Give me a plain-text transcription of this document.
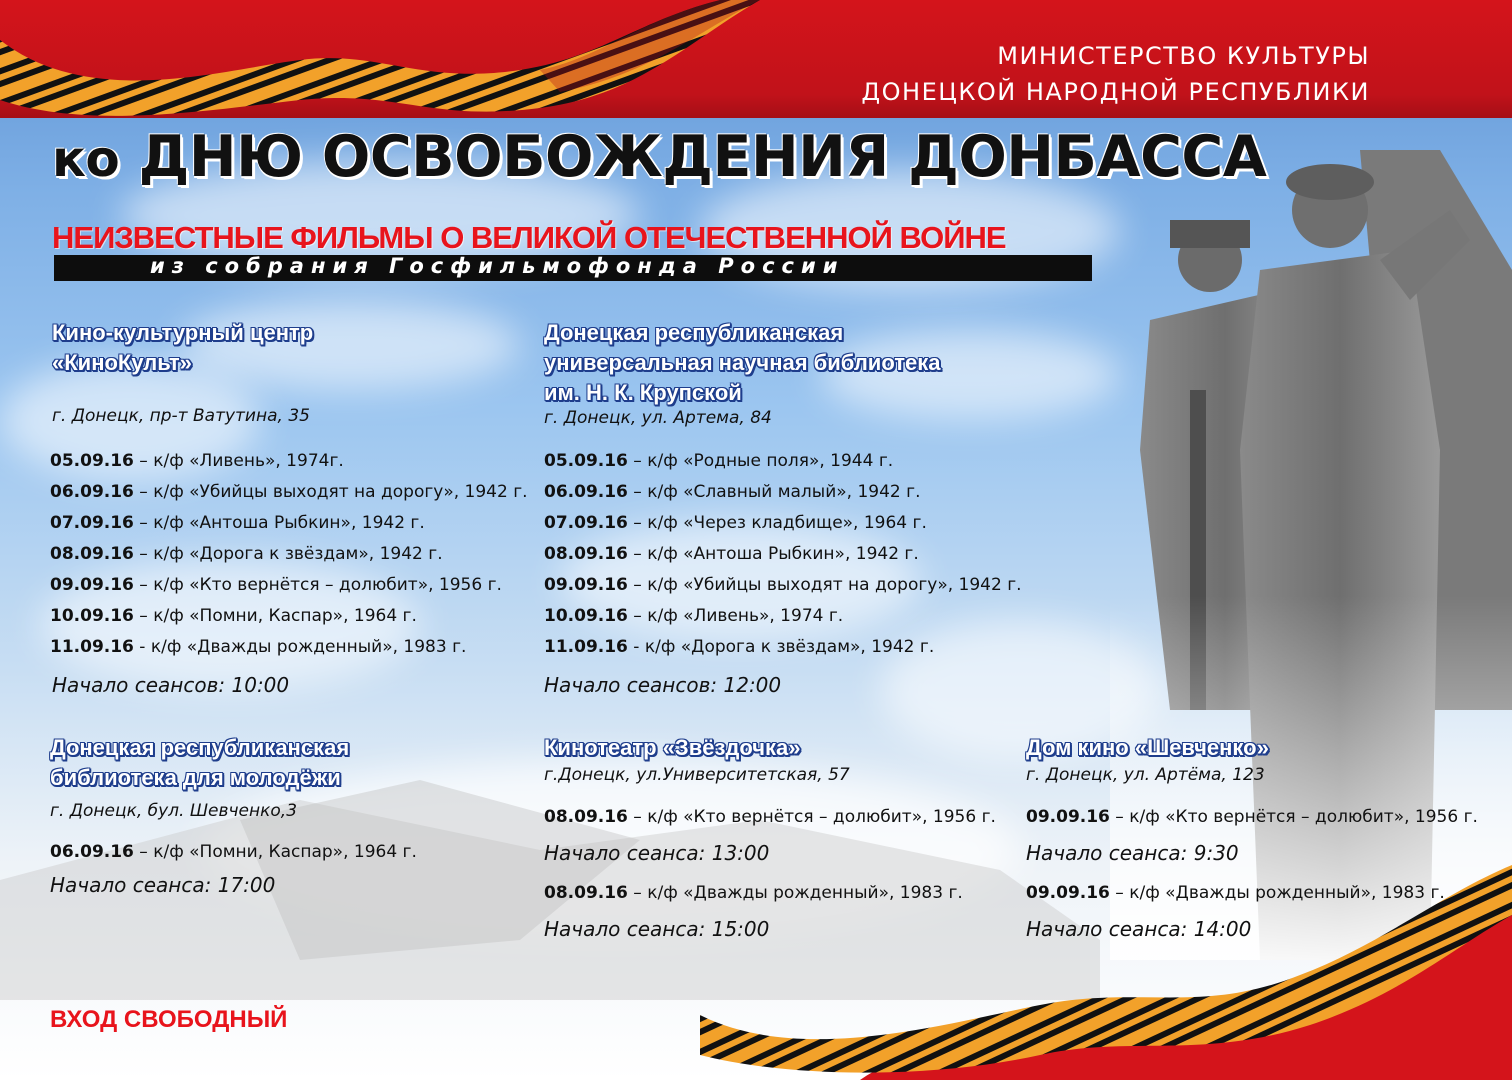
МИНИСТЕРСТВО КУЛЬТУРЫ
ДОНЕЦКОЙ НАРОДНОЙ РЕСПУБЛИКИ
ко ДНЮ ОСВОБОЖДЕНИЯ ДОНБАССА
НЕИЗВЕСТНЫЕ ФИЛЬМЫ О ВЕЛИКОЙ ОТЕЧЕСТВЕННОЙ ВОЙНЕ
из собрания Госфильмофонда России
Кино-культурный центр
«КиноКульт»
г. Донецк, пр-т Ватутина, 35
05.09.16 – к/ф «Ливень», 1974г.
06.09.16 – к/ф «Убийцы выходят на дорогу», 1942 г.
07.09.16 – к/ф «Антоша Рыбкин», 1942 г.
08.09.16 – к/ф «Дорога к звёздам», 1942 г.
09.09.16 – к/ф «Кто вернётся – долюбит», 1956 г.
10.09.16 – к/ф «Помни, Каспар», 1964 г.
11.09.16 - к/ф «Дважды рожденный», 1983 г.
Начало сеансов: 10:00
Донецкая республиканская
универсальная научная библиотека
им. Н. К. Крупской
г. Донецк, ул. Артема, 84
05.09.16 – к/ф «Родные поля», 1944 г.
06.09.16 – к/ф «Славный малый», 1942 г.
07.09.16 – к/ф «Через кладбище», 1964 г.
08.09.16 – к/ф «Антоша Рыбкин», 1942 г.
09.09.16 – к/ф «Убийцы выходят на дорогу», 1942 г.
10.09.16 – к/ф «Ливень», 1974 г.
11.09.16 - к/ф «Дорога к звёздам», 1942 г.
Начало сеансов: 12:00
Донецкая республиканская
библиотека для молодёжи
г. Донецк, бул. Шевченко,3
06.09.16 – к/ф «Помни, Каспар», 1964 г.
Начало сеанса: 17:00
Кинотеатр «Звёздочка»
г.Донецк, ул.Университетская, 57
08.09.16 – к/ф «Кто вернётся – долюбит», 1956 г.
Начало сеанса: 13:00
08.09.16 – к/ф «Дважды рожденный», 1983 г.
Начало сеанса: 15:00
Дом кино «Шевченко»
г. Донецк, ул. Артёма, 123
09.09.16 – к/ф «Кто вернётся – долюбит», 1956 г.
Начало сеанса: 9:30
09.09.16 – к/ф «Дважды рожденный», 1983 г.
Начало сеанса: 14:00
ВХОД СВОБОДНЫЙ
